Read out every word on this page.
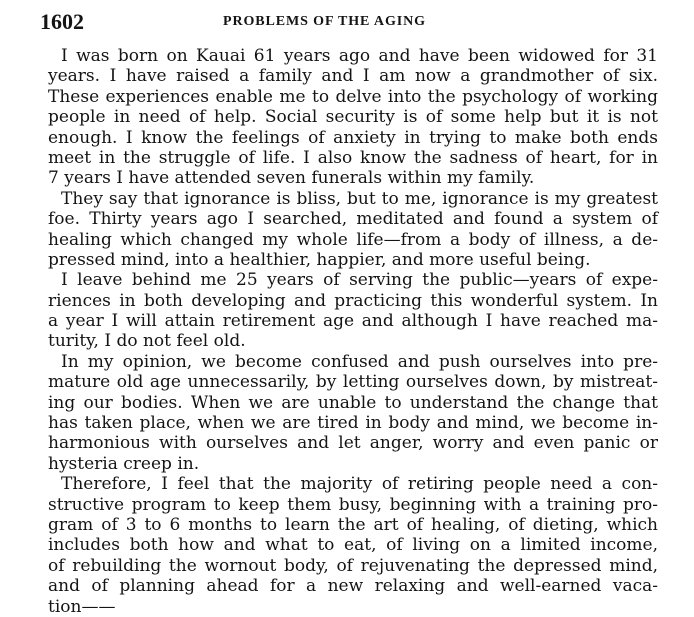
1602	PROBLEMS OF THE AGING
I was born on Kauai 61 years ago and have been widowed for 31
years. I have raised a family and I am now a grandmother of six.
These experiences enable me to delve into the psychology of working
people in need of help. Social security is of some help but it is not
enough. I know the feelings of anxiety in trying to make both ends
meet in the struggle of life. I also know the sadness of heart, for in
7 years I have attended seven funerals within my family.
They say that ignorance is bliss, but to me, ignorance is my greatest
foe. Thirty years ago I searched, meditated and found a system of
healing which changed my whole life—from a body of illness, a de-
pressed mind, into a healthier, happier, and more useful being.
I leave behind me 25 years of serving the public—years of expe-
riences in both developing and practicing this wonderful system. In
a year I will attain retirement age and although I have reached ma-
turity, I do not feel old.
In my opinion, we become confused and push ourselves into pre-
mature old age unnecessarily, by letting ourselves down, by mistreat-
ing our bodies. When we are unable to understand the change that
has taken place, when we are tired in body and mind, we become in-
harmonious with ourselves and let anger, worry and even panic or
hysteria creep in.
Therefore, I feel that the majority of retiring people need a con-
structive program to keep them busy, beginning with a training pro-
gram of 3 to 6 months to learn the art of healing, of dieting, which
includes both how and what to eat, of living on a limited income,
of rebuilding the wornout body, of rejuvenating the depressed mind,
and of planning ahead for a new relaxing and well-earned vaca-
tion——
